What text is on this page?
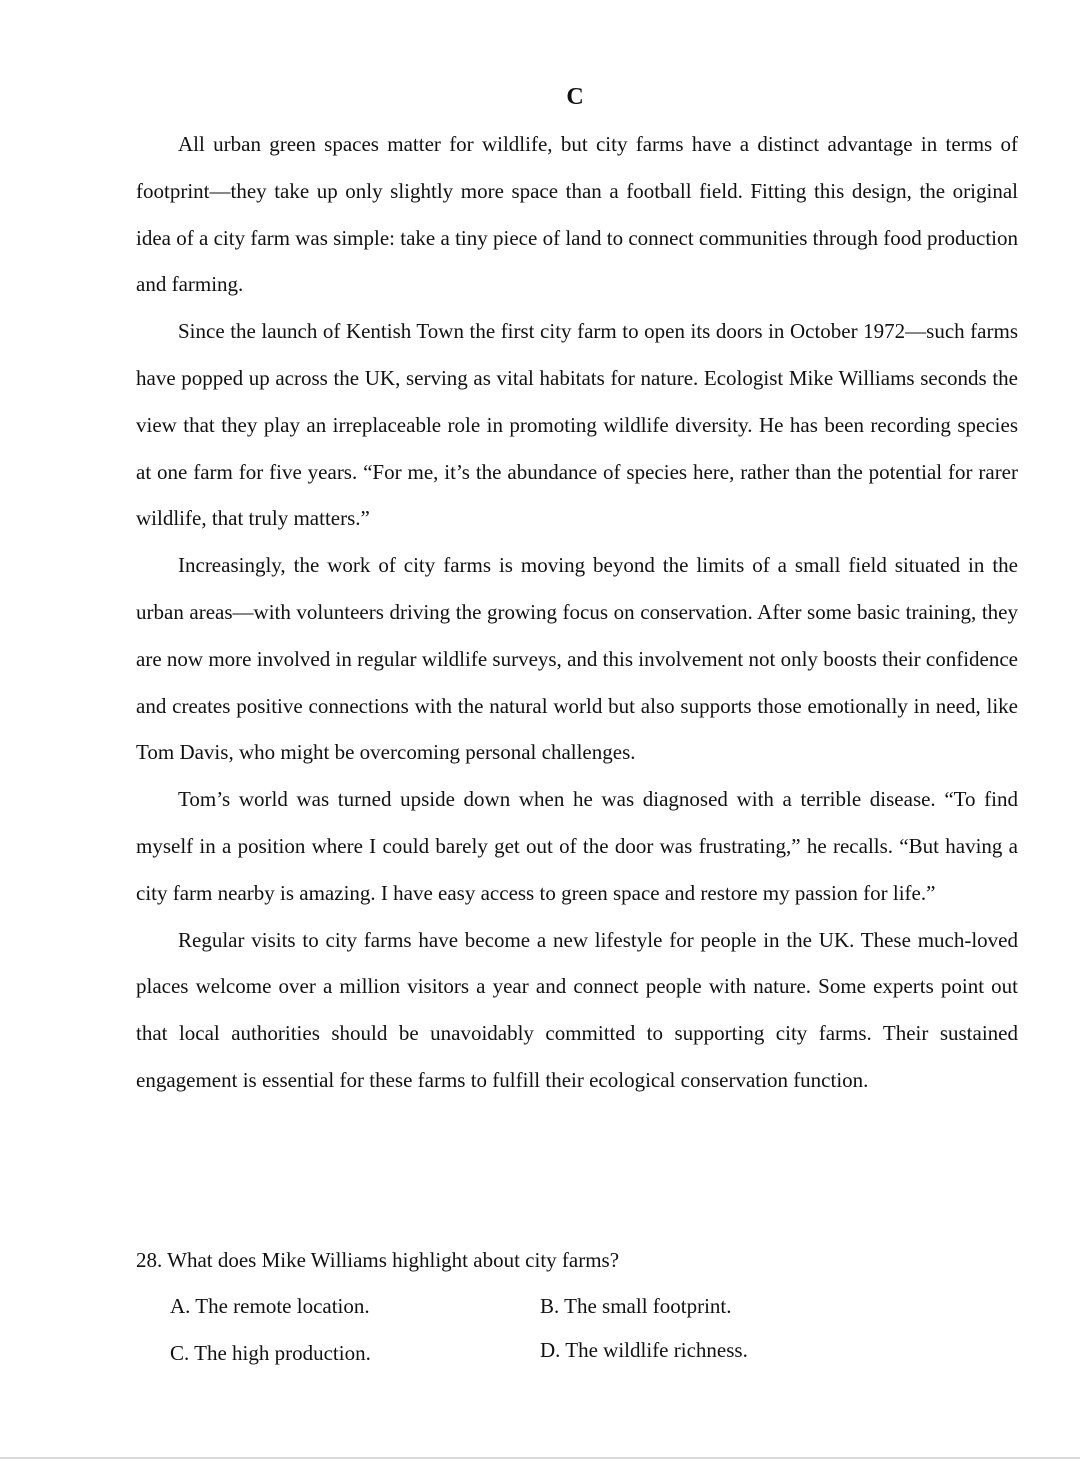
C

All urban green spaces matter for wildlife, but city farms have a distinct advantage in terms of footprint—they take up only slightly more space than a football field. Fitting this design, the original idea of a city farm was simple: take a tiny piece of land to connect communities through food production and farming.

Since the launch of Kentish Town the first city farm to open its doors in October 1972—such farms have popped up across the UK, serving as vital habitats for nature. Ecologist Mike Williams seconds the view that they play an irreplaceable role in promoting wildlife diversity. He has been recording species at one farm for five years. “For me, it’s the abundance of species here, rather than the potential for rarer wildlife, that truly matters.”

Increasingly, the work of city farms is moving beyond the limits of a small field situated in the urban areas—with volunteers driving the growing focus on conservation. After some basic training, they are now more involved in regular wildlife surveys, and this involvement not only boosts their confidence and creates positive connections with the natural world but also supports those emotionally in need, like Tom Davis, who might be overcoming personal challenges.

Tom’s world was turned upside down when he was diagnosed with a terrible disease. “To find myself in a position where I could barely get out of the door was frustrating,” he recalls. “But having a city farm nearby is amazing. I have easy access to green space and restore my passion for life.”

Regular visits to city farms have become a new lifestyle for people in the UK. These much-loved places welcome over a million visitors a year and connect people with nature. Some experts point out that local authorities should be unavoidably committed to supporting city farms. Their sustained engagement is essential for these farms to fulfill their ecological conservation function.

28. What does Mike Williams highlight about city farms?
A. The remote location.	B. The small footprint.
C. The high production.	D. The wildlife richness.
